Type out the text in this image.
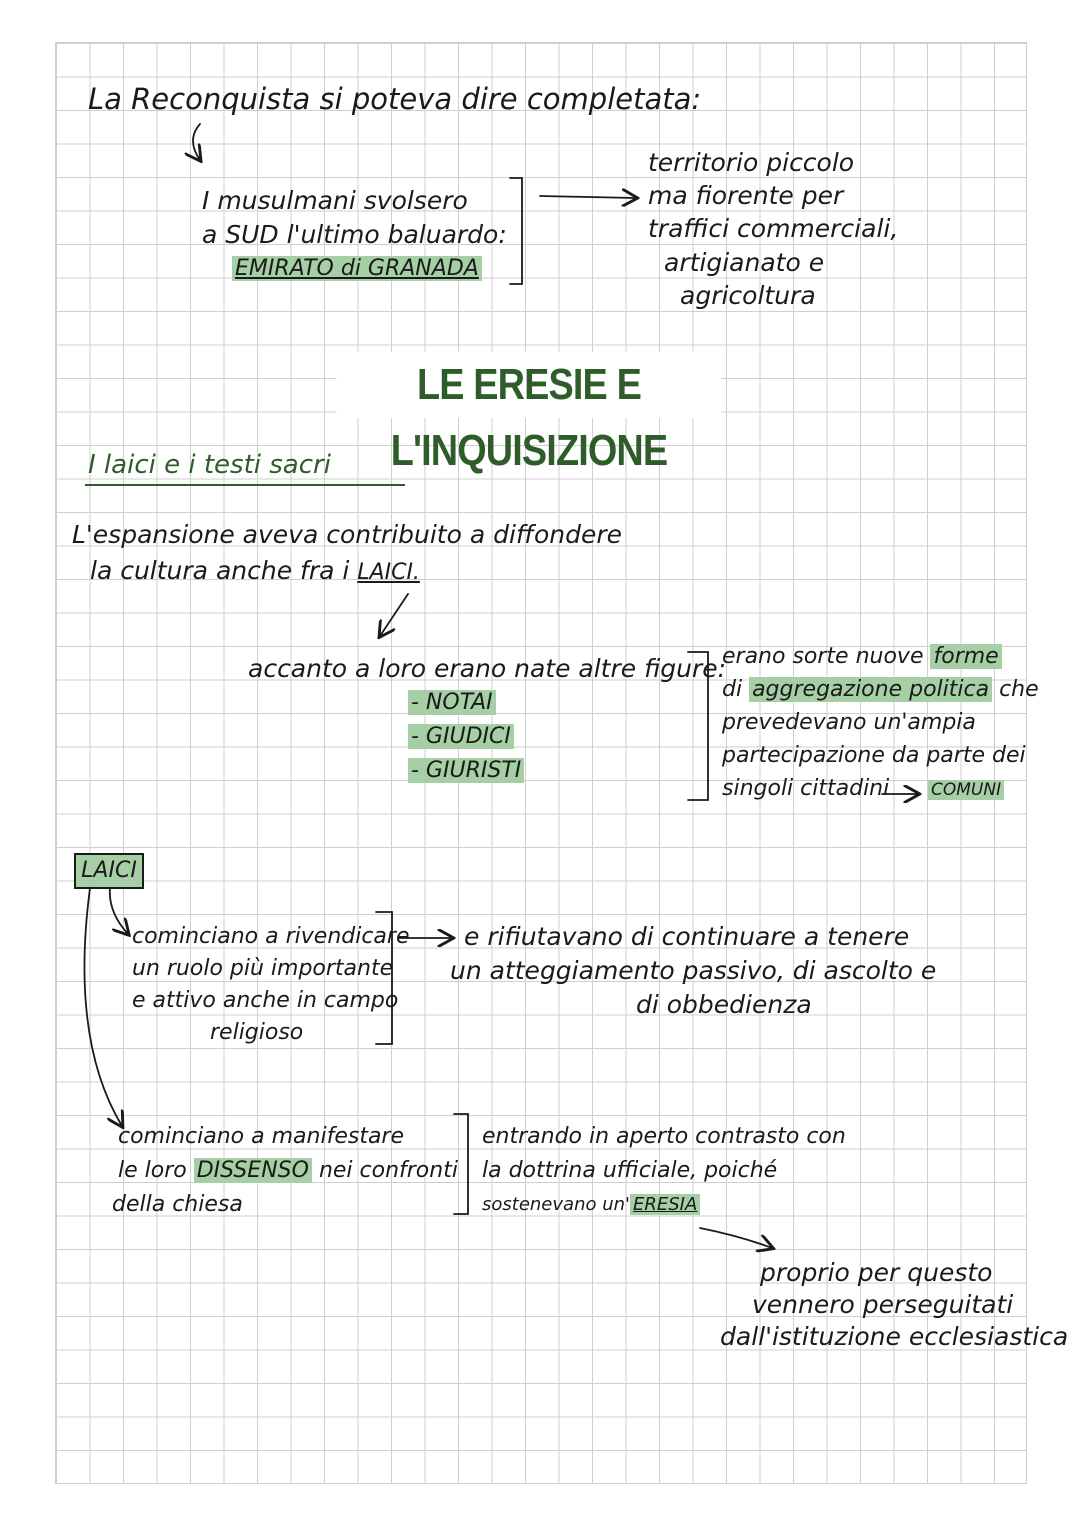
La Reconquista si poteva dire completata:
I musulmani svolsero
a SUD l'ultimo baluardo:
EMIRATO di GRANADA
territorio piccolo
ma fiorente per
traffici commerciali,
artigianato e
agricoltura
LE ERESIE E L'INQUISIZIONE
I laici e i testi sacri
L'espansione aveva contribuito a diffondere
la cultura anche fra i LAICI.
accanto a loro erano nate altre figure:
- NOTAI
- GIUDICI
- GIURISTI
erano sorte nuove forme
di aggregazione politica che
prevedevano un'ampia
partecipazione da parte dei
singoli cittadini COMUNI
LAICI
cominciano a rivendicare
un ruolo più importante
e attivo anche in campo
religioso
e rifiutavano di continuare a tenere
un atteggiamento passivo, di ascolto e
di obbedienza
cominciano a manifestare
le loro DISSENSO nei confronti
della chiesa
entrando in aperto contrasto con
la dottrina ufficiale, poiché
sostenevano un' ERESIA
proprio per questo
vennero perseguitati
dall'istituzione ecclesiastica
